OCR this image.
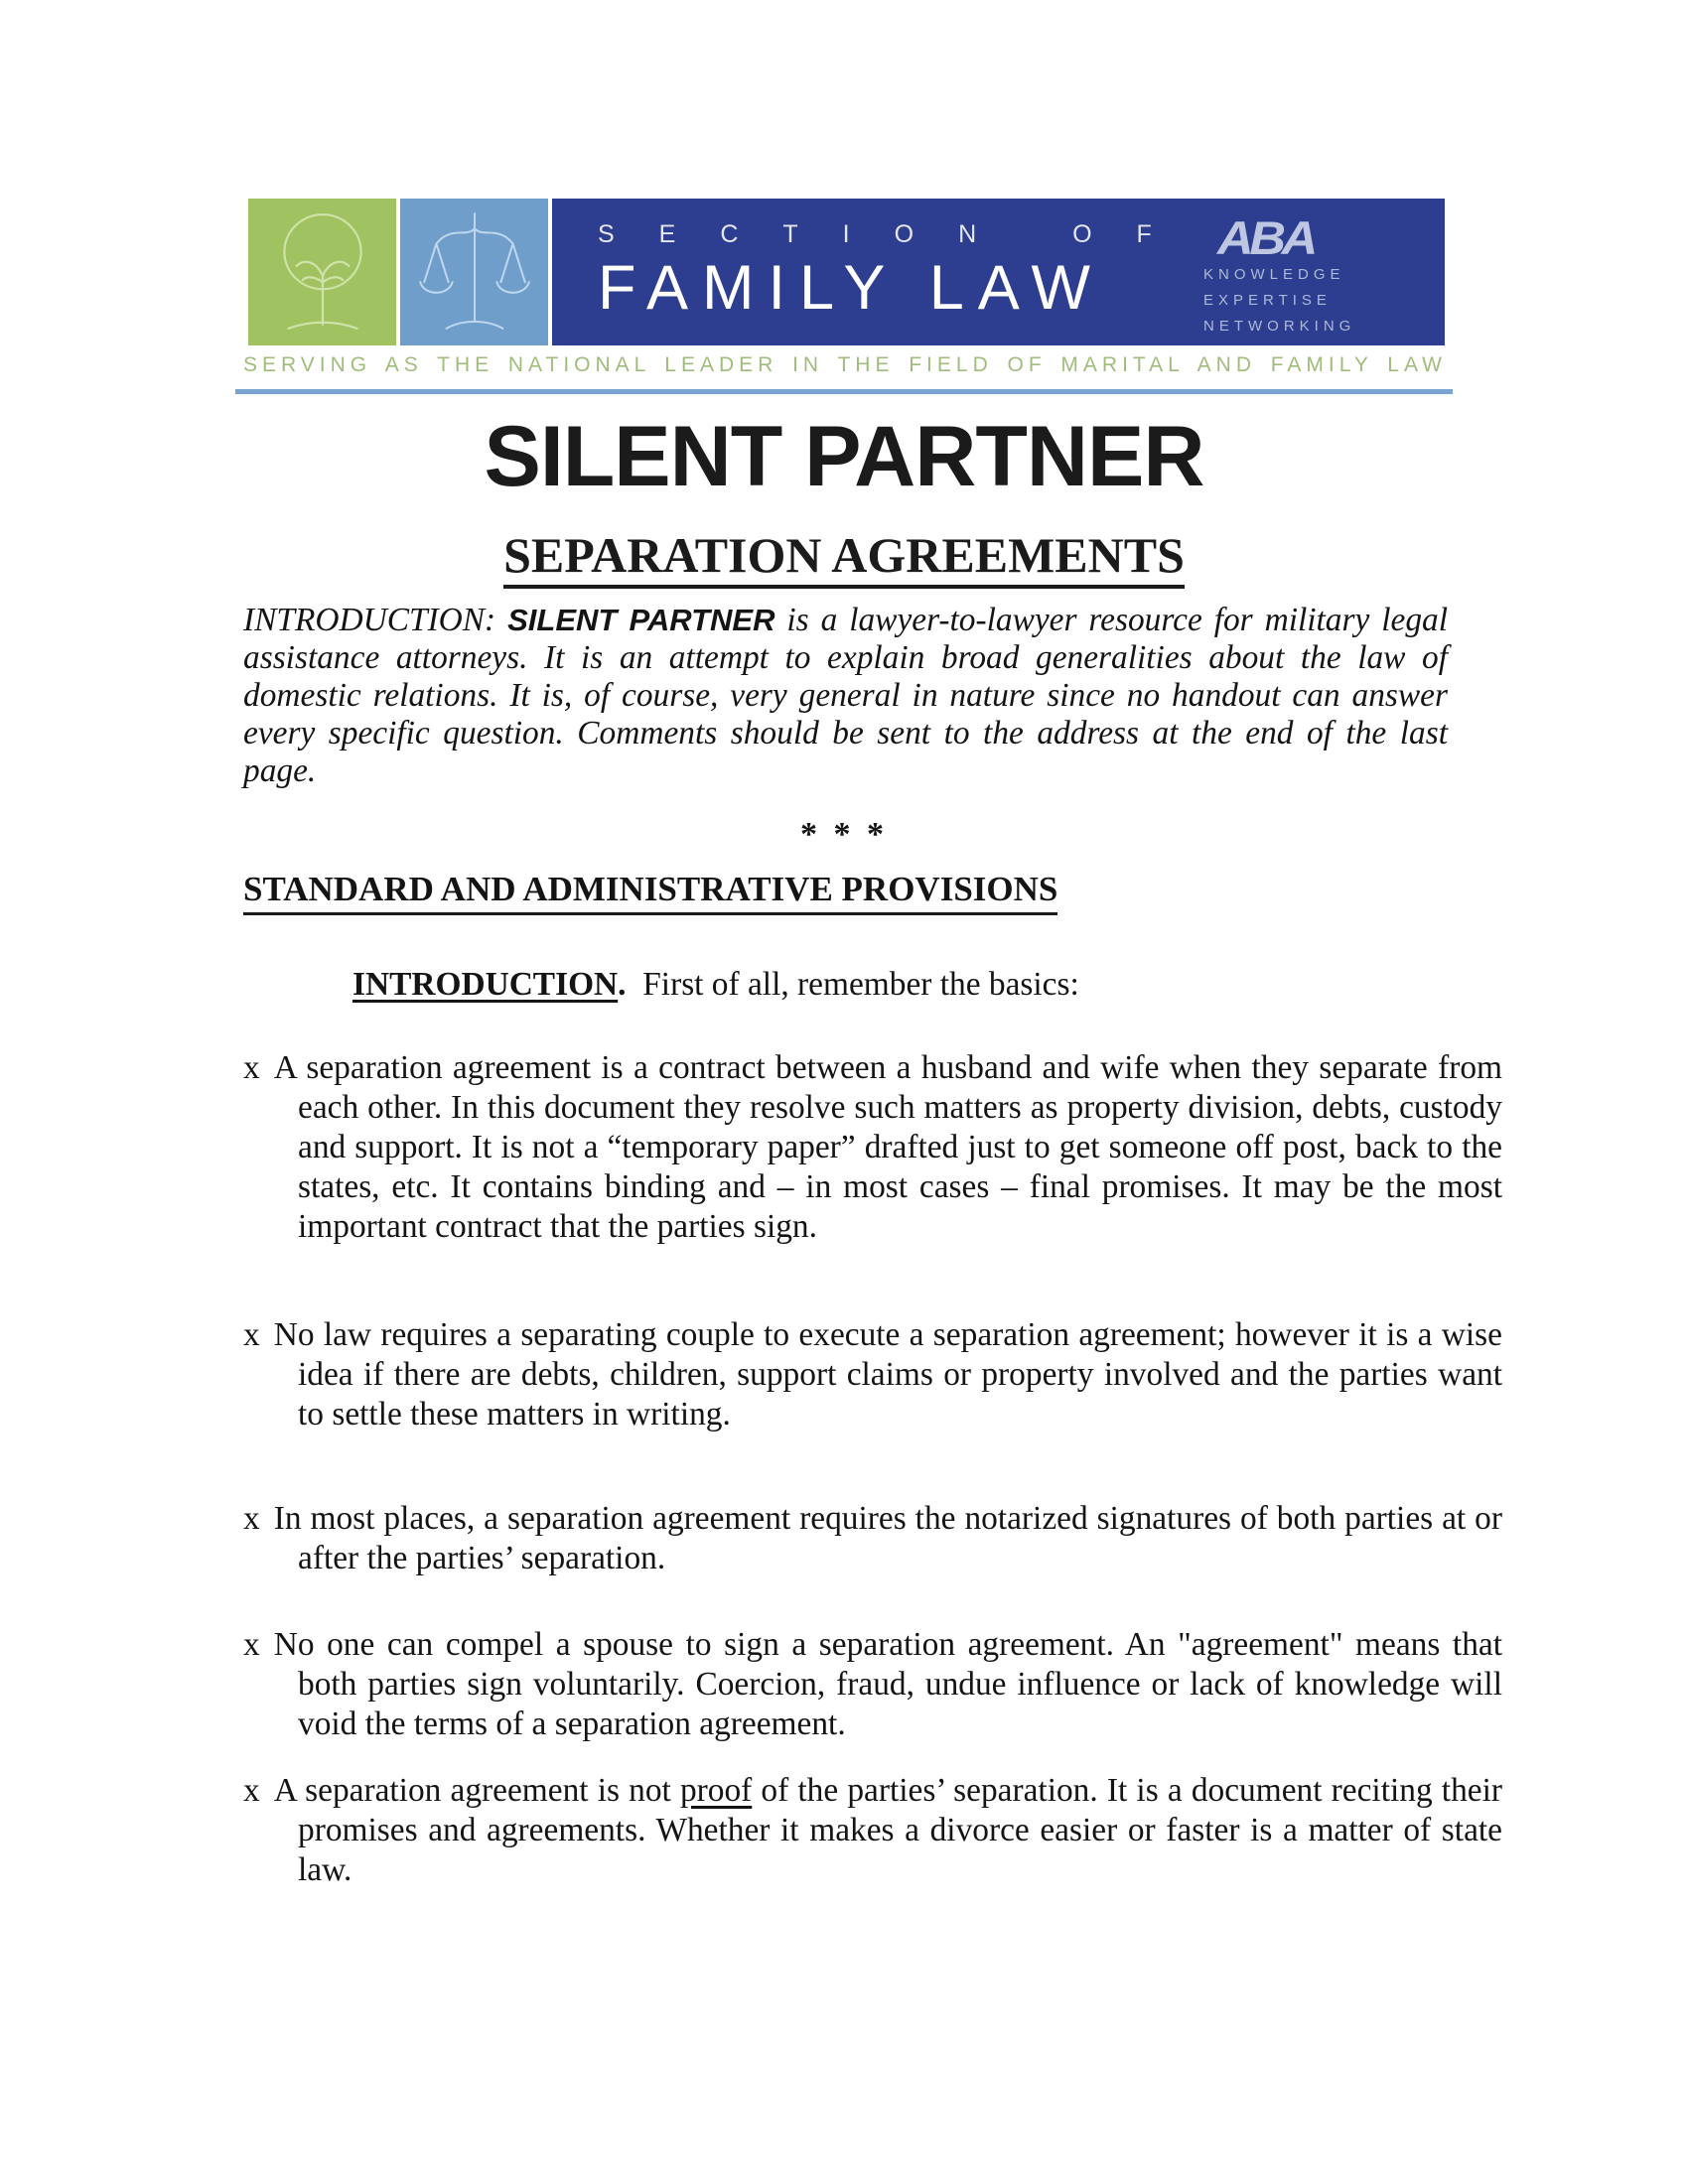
SECTION OF
FAMILY LAW
ABA
KNOWLEDGE
EXPERTISE
NETWORKING
SERVING AS THE NATIONAL LEADER IN THE FIELD OF MARITAL AND FAMILY LAW
SILENT PARTNER
SEPARATION AGREEMENTS

INTRODUCTION: SILENT PARTNER is a lawyer-to-lawyer resource for military legal assistance attorneys. It is an attempt to explain broad generalities about the law of domestic relations. It is, of course, very general in nature since no handout can answer every specific question. Comments should be sent to the address at the end of the last page.

* * *
STANDARD AND ADMINISTRATIVE PROVISIONS

INTRODUCTION.  First of all, remember the basics:

x A separation agreement is a contract between a husband and wife when they separate from each other. In this document they resolve such matters as property division, debts, custody and support. It is not a “temporary paper” drafted just to get someone off post, back to the states, etc. It contains binding and – in most cases – final promises. It may be the most important contract that the parties sign.

x No law requires a separating couple to execute a separation agreement; however it is a wise idea if there are debts, children, support claims or property involved and the parties want to settle these matters in writing.

x In most places, a separation agreement requires the notarized signatures of both parties at or after the parties’ separation.

x No one can compel a spouse to sign a separation agreement. An "agreement" means that both parties sign voluntarily. Coercion, fraud, undue influence or lack of knowledge will void the terms of a separation agreement.

x A separation agreement is not proof of the parties’ separation. It is a document reciting their promises and agreements. Whether it makes a divorce easier or faster is a matter of state law.
